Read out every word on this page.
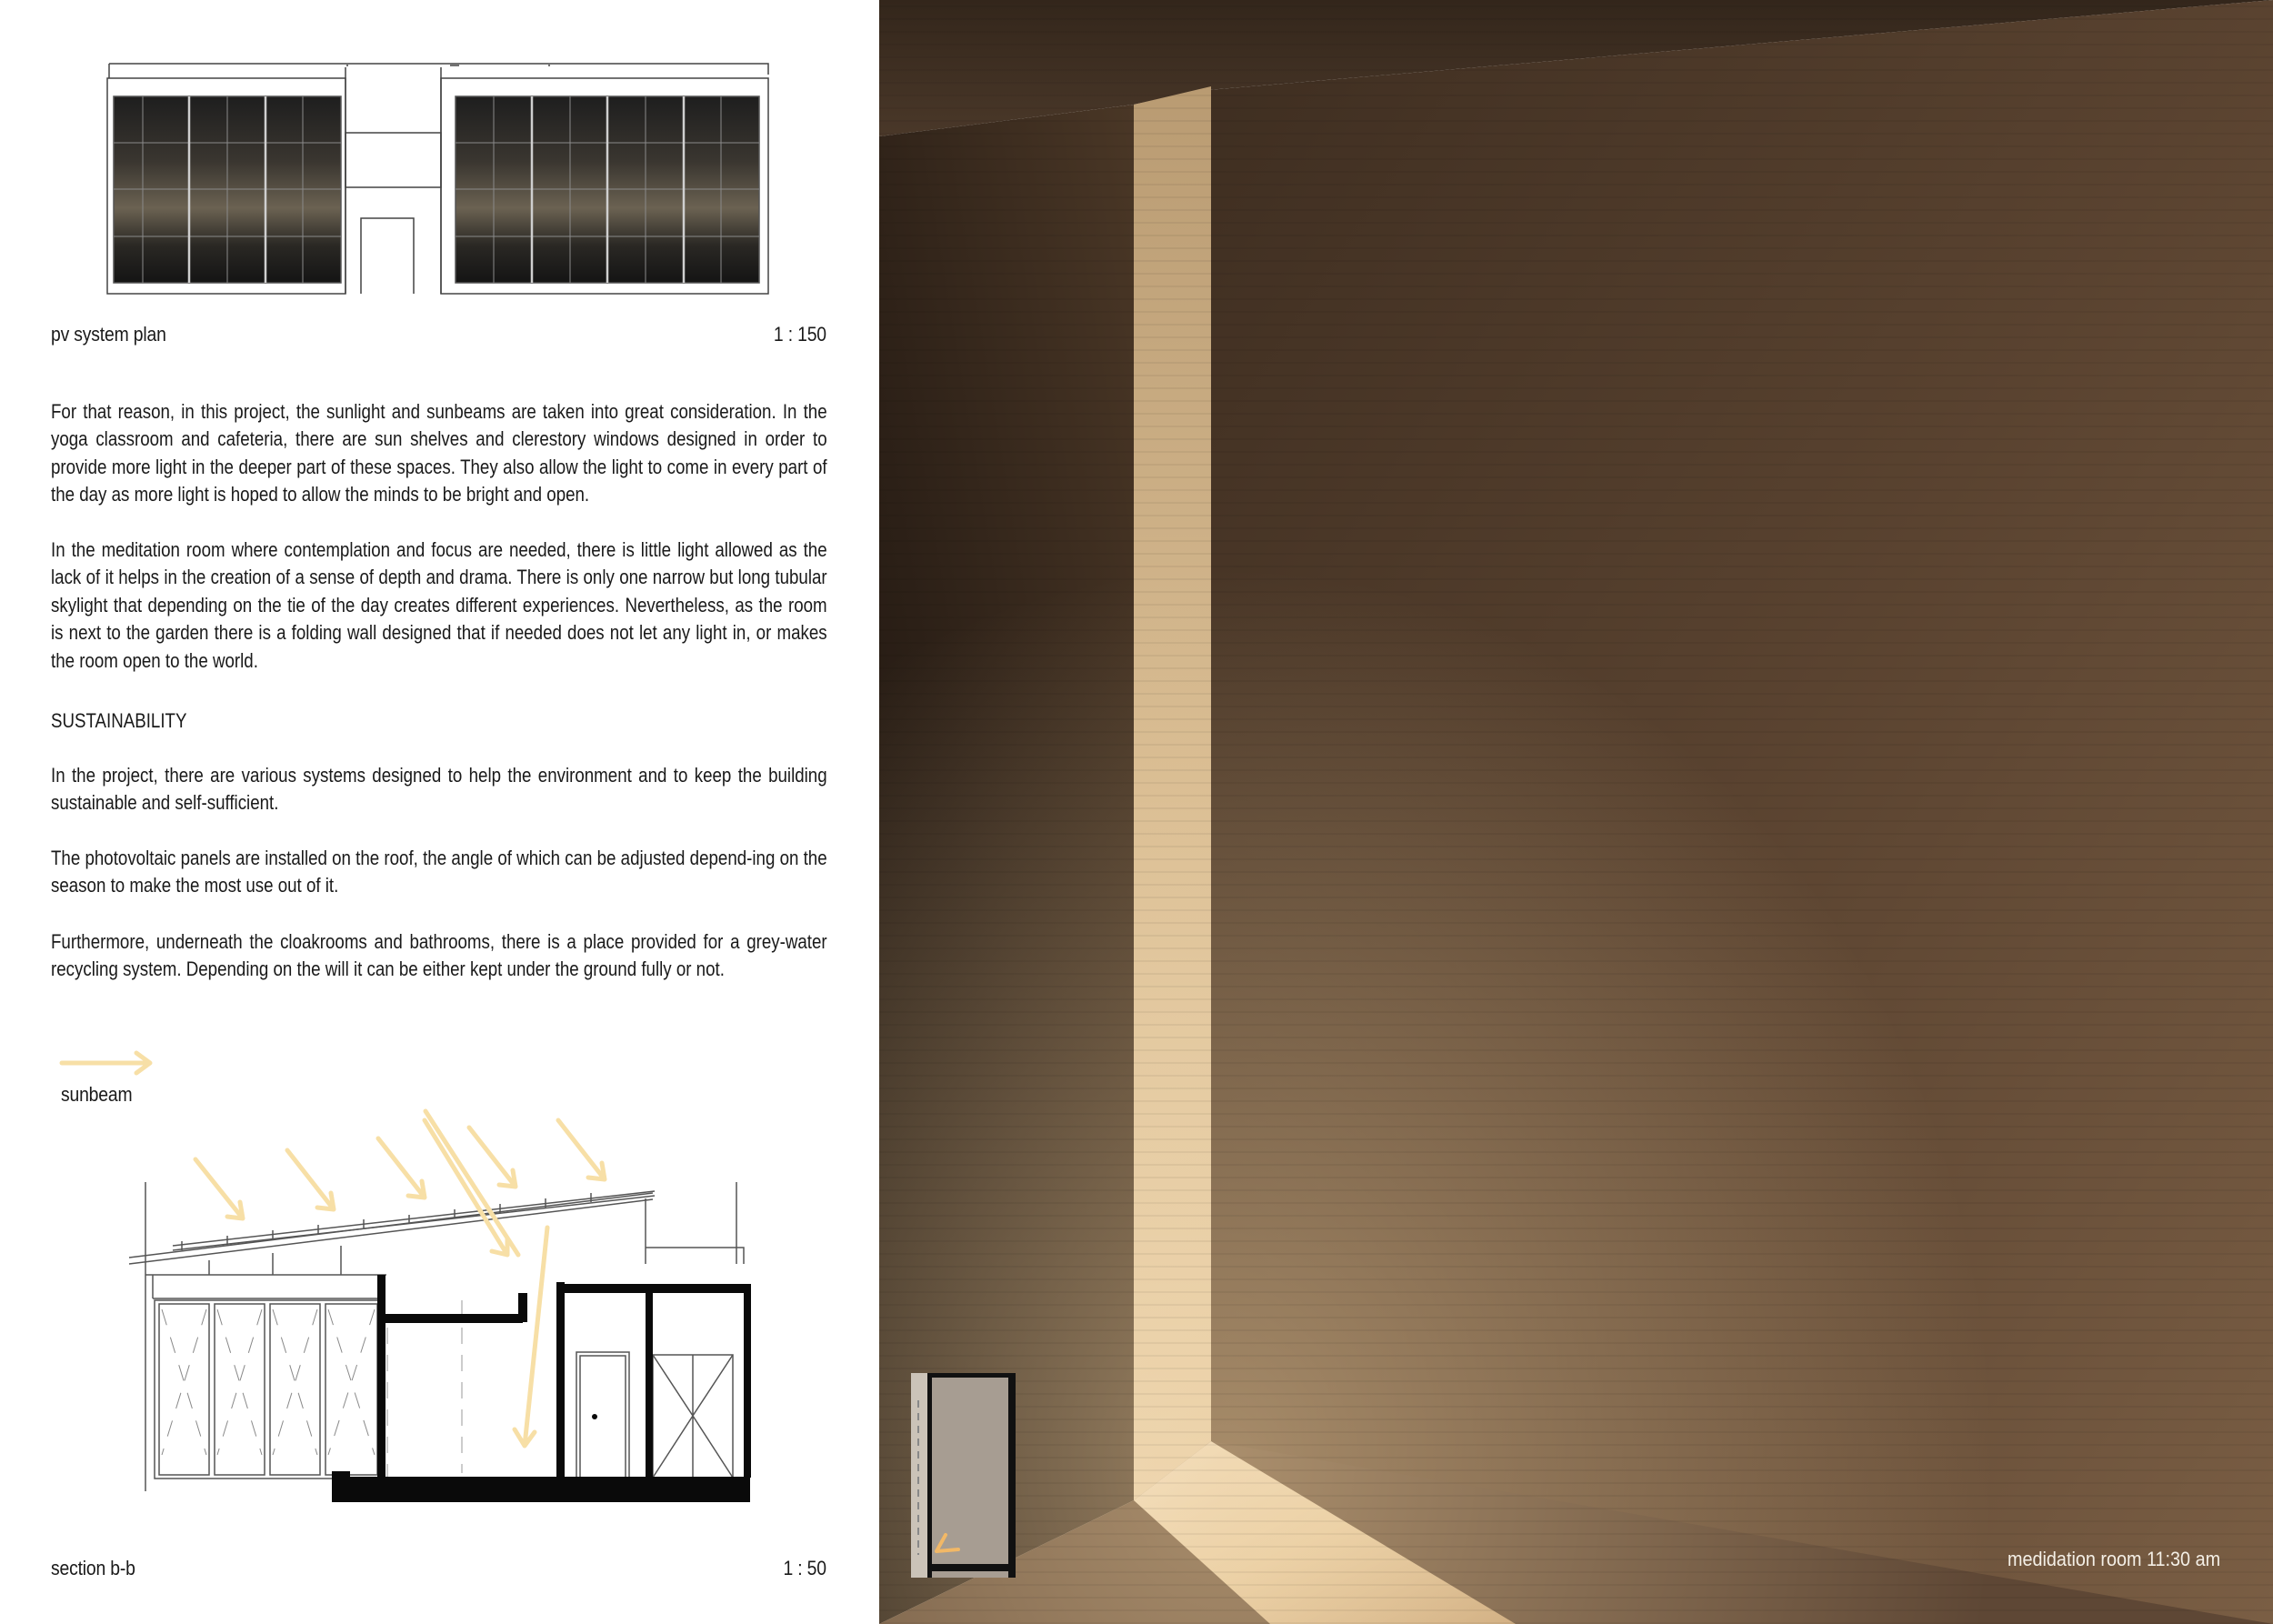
pv system plan	1 : 150

For that reason, in this project, the sunlight and sunbeams are taken into great consideration. In the yoga classroom and cafeteria, there are sun shelves and clerestory windows designed in order to provide more light in the deeper part of these spaces. They also allow the light to come in every part of the day as more light is hoped to allow the minds to be bright and open.

In the meditation room where contemplation and focus are needed, there is little light allowed as the lack of it helps in the creation of a sense of depth and drama. There is only one narrow but long tubular skylight that depending on the tie of the day creates different experiences. Nevertheless, as the room is next to the garden there is a folding wall designed that if needed does not let any light in, or makes the room open to the world.

SUSTAINABILITY

In the project, there are various systems designed to help the environment and to keep the building sustainable and self-sufficient.

The photovoltaic panels are installed on the roof, the angle of which can be adjusted depend-ing on the season to make the most use out of it.

Furthermore, underneath the cloakrooms and bathrooms, there is a place provided for a grey-water recycling system. Depending on the will it can be either kept under the ground fully or not.

sunbeam
section b-b	1 : 50	medidation room 11:30 am
